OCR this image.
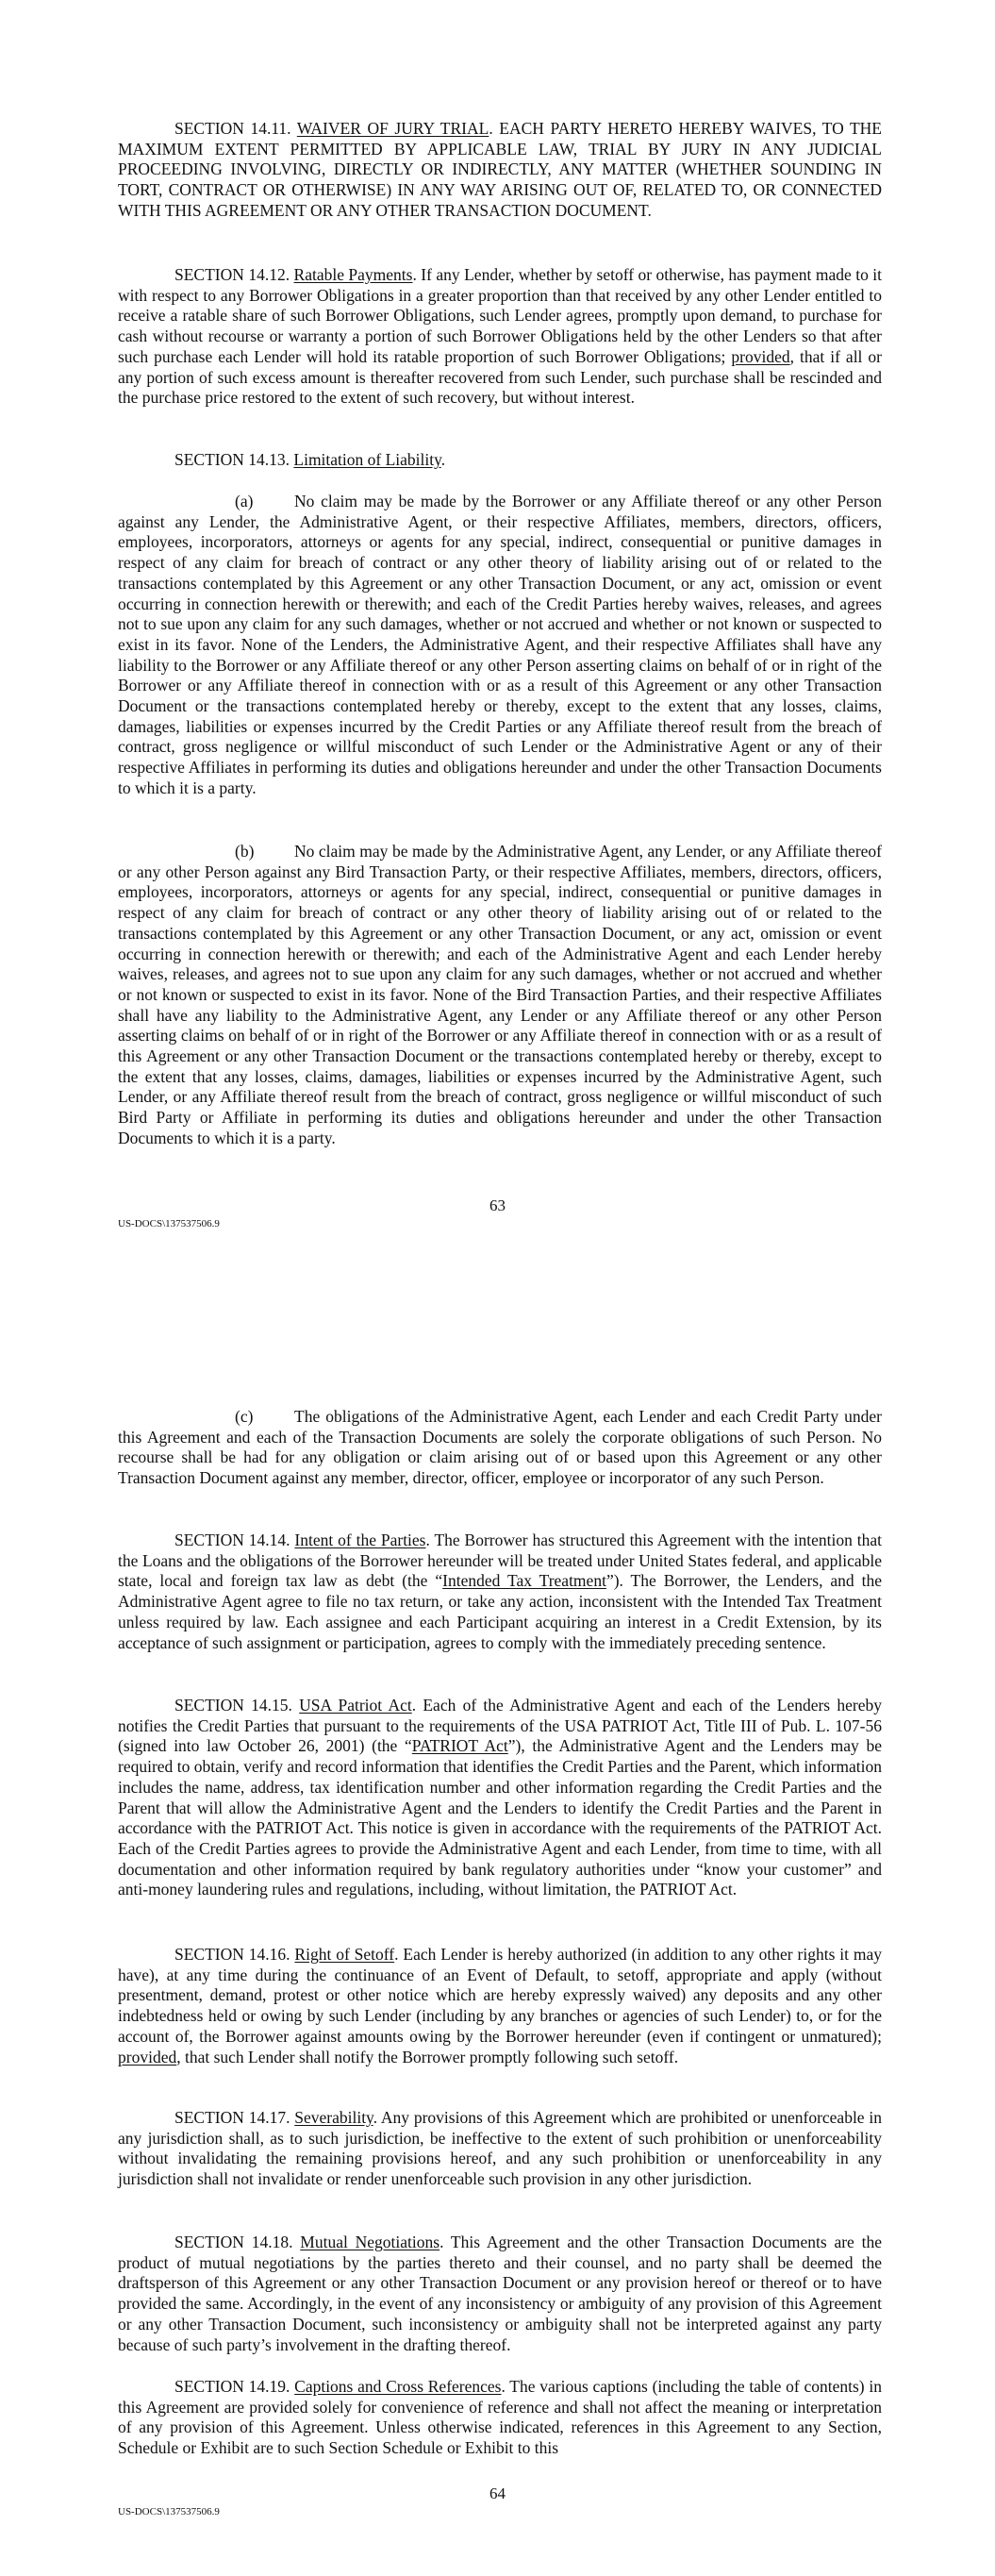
SECTION 14.11. WAIVER OF JURY TRIAL. EACH PARTY HERETO HEREBY WAIVES, TO THE MAXIMUM EXTENT PERMITTED BY APPLICABLE LAW, TRIAL BY JURY IN ANY JUDICIAL PROCEEDING INVOLVING, DIRECTLY OR INDIRECTLY, ANY MATTER (WHETHER SOUNDING IN TORT, CONTRACT OR OTHERWISE) IN ANY WAY ARISING OUT OF, RELATED TO, OR CONNECTED WITH THIS AGREEMENT OR ANY OTHER TRANSACTION DOCUMENT.
SECTION 14.12. Ratable Payments. If any Lender, whether by setoff or otherwise, has payment made to it with respect to any Borrower Obligations in a greater proportion than that received by any other Lender entitled to receive a ratable share of such Borrower Obligations, such Lender agrees, promptly upon demand, to purchase for cash without recourse or warranty a portion of such Borrower Obligations held by the other Lenders so that after such purchase each Lender will hold its ratable proportion of such Borrower Obligations; provided, that if all or any portion of such excess amount is thereafter recovered from such Lender, such purchase shall be rescinded and the purchase price restored to the extent of such recovery, but without interest.
SECTION 14.13. Limitation of Liability.
(a) No claim may be made by the Borrower or any Affiliate thereof or any other Person against any Lender, the Administrative Agent, or their respective Affiliates, members, directors, officers, employees, incorporators, attorneys or agents for any special, indirect, consequential or punitive damages in respect of any claim for breach of contract or any other theory of liability arising out of or related to the transactions contemplated by this Agreement or any other Transaction Document, or any act, omission or event occurring in connection herewith or therewith; and each of the Credit Parties hereby waives, releases, and agrees not to sue upon any claim for any such damages, whether or not accrued and whether or not known or suspected to exist in its favor. None of the Lenders, the Administrative Agent, and their respective Affiliates shall have any liability to the Borrower or any Affiliate thereof or any other Person asserting claims on behalf of or in right of the Borrower or any Affiliate thereof in connection with or as a result of this Agreement or any other Transaction Document or the transactions contemplated hereby or thereby, except to the extent that any losses, claims, damages, liabilities or expenses incurred by the Credit Parties or any Affiliate thereof result from the breach of contract, gross negligence or willful misconduct of such Lender or the Administrative Agent or any of their respective Affiliates in performing its duties and obligations hereunder and under the other Transaction Documents to which it is a party.
(b) No claim may be made by the Administrative Agent, any Lender, or any Affiliate thereof or any other Person against any Bird Transaction Party, or their respective Affiliates, members, directors, officers, employees, incorporators, attorneys or agents for any special, indirect, consequential or punitive damages in respect of any claim for breach of contract or any other theory of liability arising out of or related to the transactions contemplated by this Agreement or any other Transaction Document, or any act, omission or event occurring in connection herewith or therewith; and each of the Administrative Agent and each Lender hereby waives, releases, and agrees not to sue upon any claim for any such damages, whether or not accrued and whether or not known or suspected to exist in its favor. None of the Bird Transaction Parties, and their respective Affiliates shall have any liability to the Administrative Agent, any Lender or any Affiliate thereof or any other Person asserting claims on behalf of or in right of the Borrower or any Affiliate thereof in connection with or as a result of this Agreement or any other Transaction Document or the transactions contemplated hereby or thereby, except to the extent that any losses, claims, damages, liabilities or expenses incurred by the Administrative Agent, such Lender, or any Affiliate thereof result from the breach of contract, gross negligence or willful misconduct of such Bird Party or Affiliate in performing its duties and obligations hereunder and under the other Transaction Documents to which it is a party.
(c) The obligations of the Administrative Agent, each Lender and each Credit Party under this Agreement and each of the Transaction Documents are solely the corporate obligations of such Person. No recourse shall be had for any obligation or claim arising out of or based upon this Agreement or any other Transaction Document against any member, director, officer, employee or incorporator of any such Person.
SECTION 14.14. Intent of the Parties. The Borrower has structured this Agreement with the intention that the Loans and the obligations of the Borrower hereunder will be treated under United States federal, and applicable state, local and foreign tax law as debt (the “Intended Tax Treatment”). The Borrower, the Lenders, and the Administrative Agent agree to file no tax return, or take any action, inconsistent with the Intended Tax Treatment unless required by law. Each assignee and each Participant acquiring an interest in a Credit Extension, by its acceptance of such assignment or participation, agrees to comply with the immediately preceding sentence.
SECTION 14.15. USA Patriot Act. Each of the Administrative Agent and each of the Lenders hereby notifies the Credit Parties that pursuant to the requirements of the USA PATRIOT Act, Title III of Pub. L. 107-56 (signed into law October 26, 2001) (the “PATRIOT Act”), the Administrative Agent and the Lenders may be required to obtain, verify and record information that identifies the Credit Parties and the Parent, which information includes the name, address, tax identification number and other information regarding the Credit Parties and the Parent that will allow the Administrative Agent and the Lenders to identify the Credit Parties and the Parent in accordance with the PATRIOT Act. This notice is given in accordance with the requirements of the PATRIOT Act. Each of the Credit Parties agrees to provide the Administrative Agent and each Lender, from time to time, with all documentation and other information required by bank regulatory authorities under “know your customer” and anti-money laundering rules and regulations, including, without limitation, the PATRIOT Act.
SECTION 14.16. Right of Setoff. Each Lender is hereby authorized (in addition to any other rights it may have), at any time during the continuance of an Event of Default, to setoff, appropriate and apply (without presentment, demand, protest or other notice which are hereby expressly waived) any deposits and any other indebtedness held or owing by such Lender (including by any branches or agencies of such Lender) to, or for the account of, the Borrower against amounts owing by the Borrower hereunder (even if contingent or unmatured); provided, that such Lender shall notify the Borrower promptly following such setoff.
SECTION 14.17. Severability. Any provisions of this Agreement which are prohibited or unenforceable in any jurisdiction shall, as to such jurisdiction, be ineffective to the extent of such prohibition or unenforceability without invalidating the remaining provisions hereof, and any such prohibition or unenforceability in any jurisdiction shall not invalidate or render unenforceable such provision in any other jurisdiction.
SECTION 14.18. Mutual Negotiations. This Agreement and the other Transaction Documents are the product of mutual negotiations by the parties thereto and their counsel, and no party shall be deemed the draftsperson of this Agreement or any other Transaction Document or any provision hereof or thereof or to have provided the same. Accordingly, in the event of any inconsistency or ambiguity of any provision of this Agreement or any other Transaction Document, such inconsistency or ambiguity shall not be interpreted against any party because of such party’s involvement in the drafting thereof.
SECTION 14.19. Captions and Cross References. The various captions (including the table of contents) in this Agreement are provided solely for convenience of reference and shall not affect the meaning or interpretation of any provision of this Agreement. Unless otherwise indicated, references in this Agreement to any Section, Schedule or Exhibit are to such Section Schedule or Exhibit to this
63
US-DOCS\137537506.9
64
US-DOCS\137537506.9
